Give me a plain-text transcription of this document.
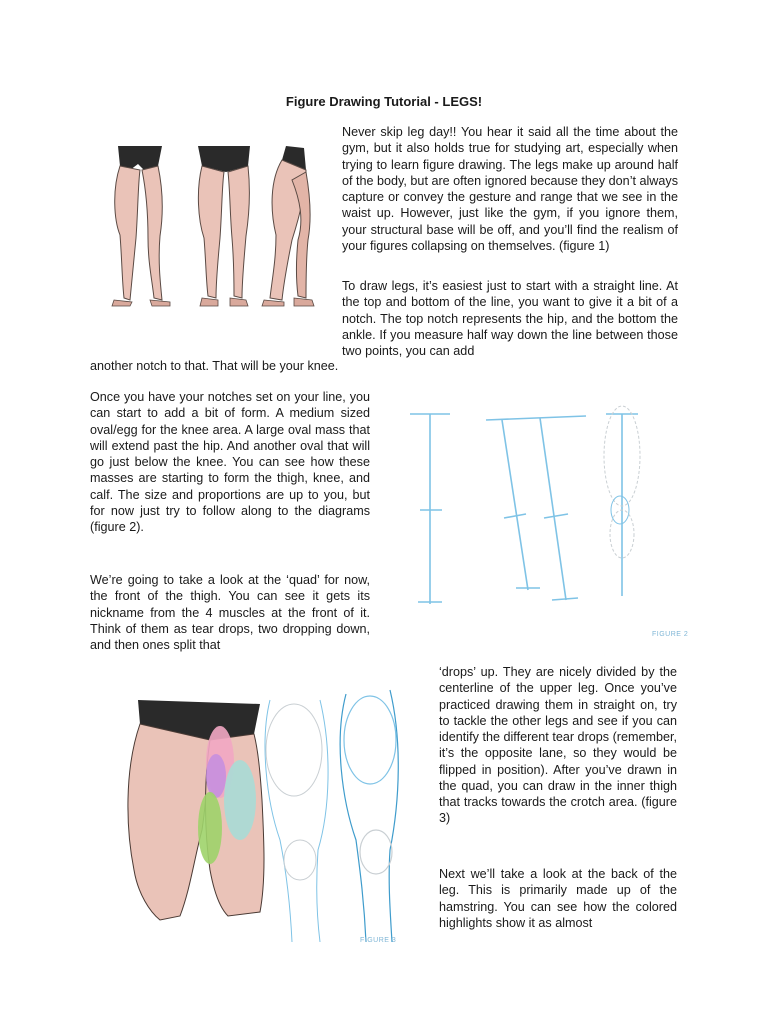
Figure Drawing Tutorial - LEGS!

Never skip leg day!! You hear it said all the time about the gym, but it also holds true for studying art, especially when trying to learn figure drawing. The legs make up around half of the body, but are often ignored because they don’t always capture or convey the gesture and range that we see in the waist up. However, just like the gym, if you ignore them, your structural base will be off, and you’ll find the realism of your figures collapsing on themselves. (figure 1)

To draw legs, it’s easiest just to start with a straight line. At the top and bottom of the line, you want to give it a bit of a notch. The top notch represents the hip, and the bottom the ankle. If you measure half way down the line between those two points, you can add

another notch to that. That will be your knee.

Once you have your notches set on your line, you can start to add a bit of form. A medium sized oval/egg for the knee area. A large oval mass that will extend past the hip. And another oval that will go just below the knee. You can see how these masses are starting to form the thigh, knee, and calf. The size and proportions are up to you, but for now just try to follow along to the diagrams (figure 2).

FIGURE 2

We’re going to take a look at the ‘quad’ for now, the front of the thigh. You can see it gets its nickname from the 4 muscles at the front of it. Think of them as tear drops, two dropping down, and then ones split that

FIGURE 3

‘drops’ up. They are nicely divided by the centerline of the upper leg. Once you’ve practiced drawing them in straight on, try to tackle the other legs and see if you can identify the different tear drops (remember, it’s the opposite lane, so they would be flipped in position). After you’ve drawn in the quad, you can draw in the inner thigh that tracks towards the crotch area. (figure 3)

Next we’ll take a look at the back of the leg. This is primarily made up of the hamstring. You can see how the colored highlights show it as almost
